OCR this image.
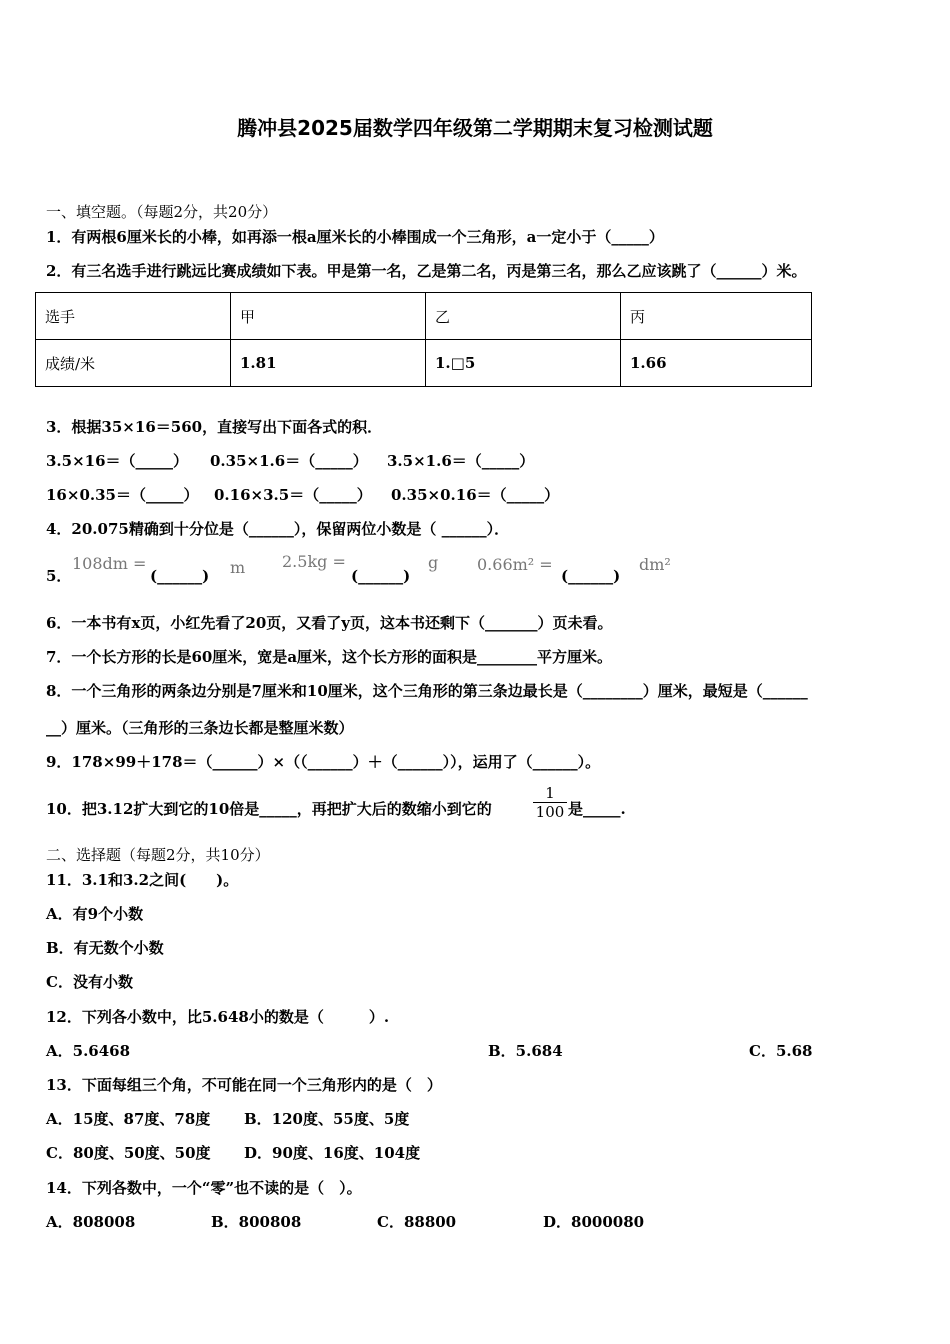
腾冲县2025届数学四年级第二学期期末复习检测试题
一、填空题。（每题2分，共20分）
1．有两根6厘米长的小棒，如再添一根a厘米长的小棒围成一个三角形，a一定小于（_____）
2．有三名选手进行跳远比赛成绩如下表。甲是第一名，乙是第二名，丙是第三名，那么乙应该跳了（______）米。
选手	甲	乙	丙
成绩/米	1.81	1.□5	1.66
3．根据35×16＝560，直接写出下面各式的积．
3.5×16＝（_____） 0.35×1.6＝（_____） 3.5×1.6＝（_____）
16×0.35＝（_____） 0.16×3.5＝（_____） 0.35×0.16＝（_____）
4．20.075精确到十分位是（______），保留两位小数是（ ______）．
5．
108dm =
(______) m 2.5kg =
(______)
g 0.66m² =
(______)
dm²
6．一本书有x页，小红先看了20页，又看了y页，这本书还剩下（_______）页未看。
7．一个长方形的长是60厘米，宽是a厘米，这个长方形的面积是________平方厘米。
8．一个三角形的两条边分别是7厘米和10厘米，这个三角形的第三条边最长是（________）厘米，最短是（______
__）厘米。（三角形的三条边长都是整厘米数）
9．178×99＋178＝（______）×（（______）＋（______）），运用了（______）。
10．把3.12扩大到它的10倍是_____，再把扩大后的数缩小到它的	$\frac{1}{100}$ 是_____.
二、选择题（每题2分，共10分）
11．3.1和3.2之间(　　)。
A．有9个小数
B．有无数个小数
C．没有小数
12．下列各小数中，比5.648小的数是（　　　）.
A．5.6468	B．5.684	C．5.68
13．下面每组三个角，不可能在同一个三角形内的是（　）
A．15度、87度、78度 B．120度、55度、5度
C．80度、50度、50度 D．90度、16度、104度
14．下列各数中，一个“零”也不读的是（　）。
A．808008	B．800808	C．88800	D．8000080
